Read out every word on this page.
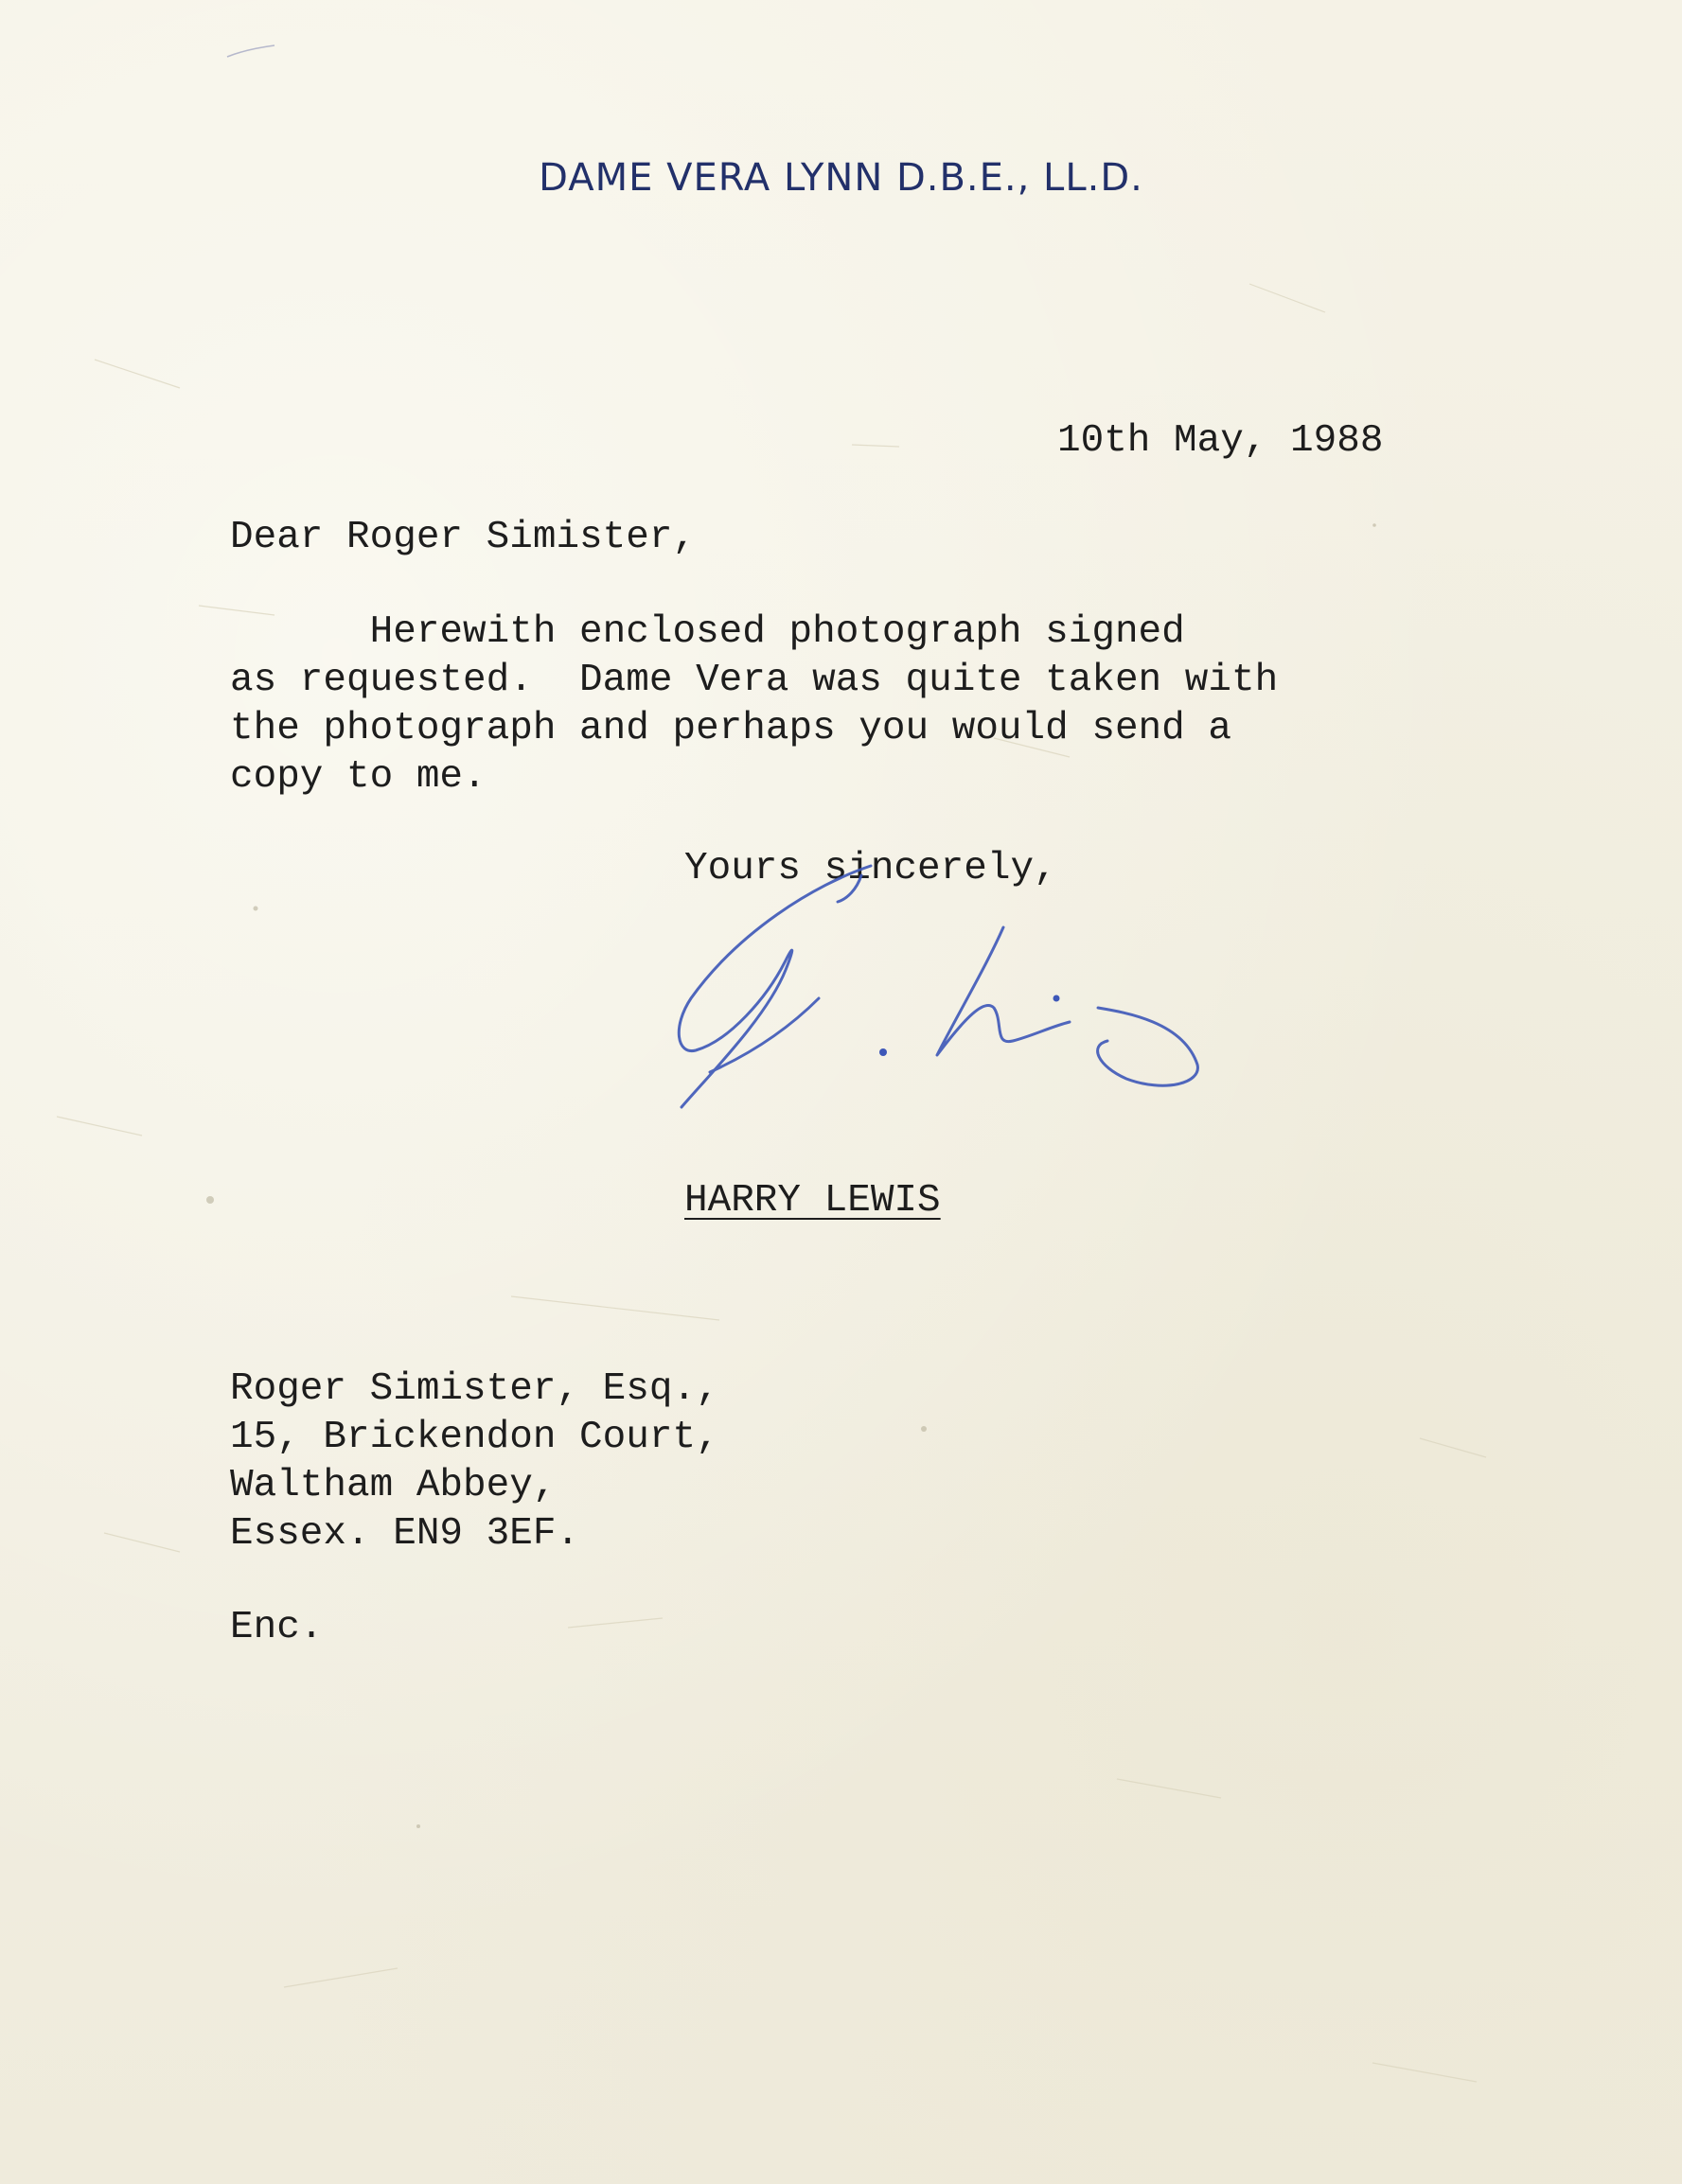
DAME VERA LYNN D.B.E., LL.D.

10th May, 1988

Dear Roger Simister,

Herewith enclosed photograph signed
as requested.  Dame Vera was quite taken with
the photograph and perhaps you would send a
copy to me.

Yours sincerely,

HARRY LEWIS

Roger Simister, Esq.,
15, Brickendon Court,
Waltham Abbey,
Essex. EN9 3EF.

Enc.
